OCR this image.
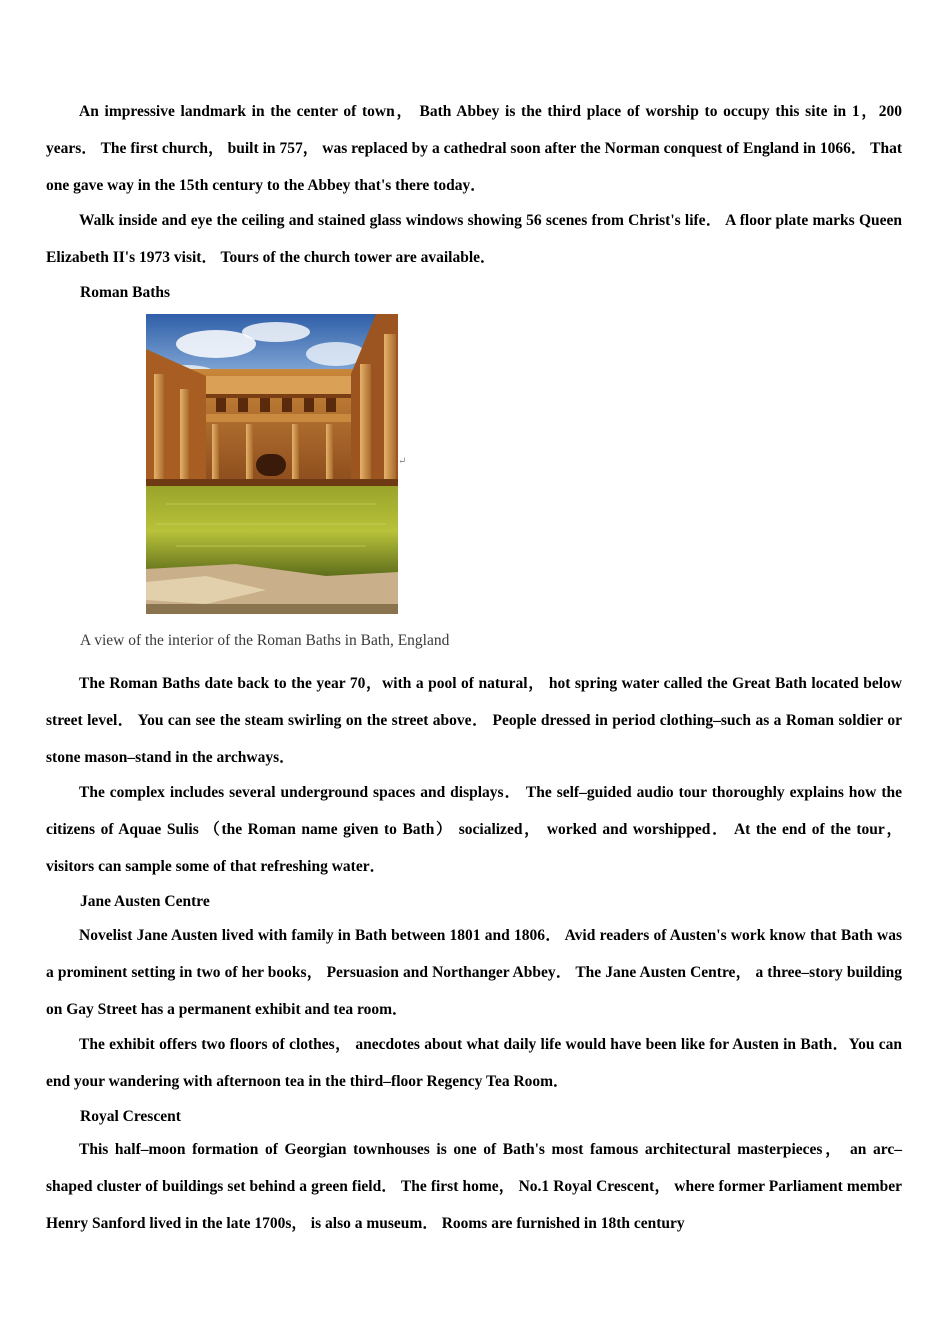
An impressive landmark in the center of town， Bath Abbey is the third place of worship to occupy this site in 1，200 years． The first church， built in 757， was replaced by a cathedral soon after the Norman conquest of England in 1066． That one gave way in the 15th century to the Abbey that's there today．

Walk inside and eye the ceiling and stained glass windows showing 56 scenes from Christ's life． A floor plate marks Queen Elizabeth II's 1973 visit． Tours of the church tower are available．

Roman Baths

↵

A view of the interior of the Roman Baths in Bath, England

The Roman Baths date back to the year 70，with a pool of natural， hot spring water called the Great Bath located below street level． You can see the steam swirling on the street above． People dressed in period clothing–such as a Roman soldier or stone mason–stand in the archways．

The complex includes several underground spaces and displays． The self–guided audio tour thoroughly explains how the citizens of Aquae Sulis （the Roman name given to Bath） socialized， worked and worshipped． At the end of the tour， visitors can sample some of that refreshing water．

Jane Austen Centre

Novelist Jane Austen lived with family in Bath between 1801 and 1806． Avid readers of Austen's work know that Bath was a prominent setting in two of her books， Persuasion and Northanger Abbey． The Jane Austen Centre， a three–story building on Gay Street has a permanent exhibit and tea room．

The exhibit offers two floors of clothes， anecdotes about what daily life would have been like for Austen in Bath．You can end your wandering with afternoon tea in the third–floor Regency Tea Room．

Royal Crescent

This half–moon formation of Georgian townhouses is one of Bath's most famous architectural masterpieces， an arc–shaped cluster of buildings set behind a green field． The first home， No.1 Royal Crescent， where former Parliament member Henry Sanford lived in the late 1700s， is also a museum． Rooms are furnished in 18th century
